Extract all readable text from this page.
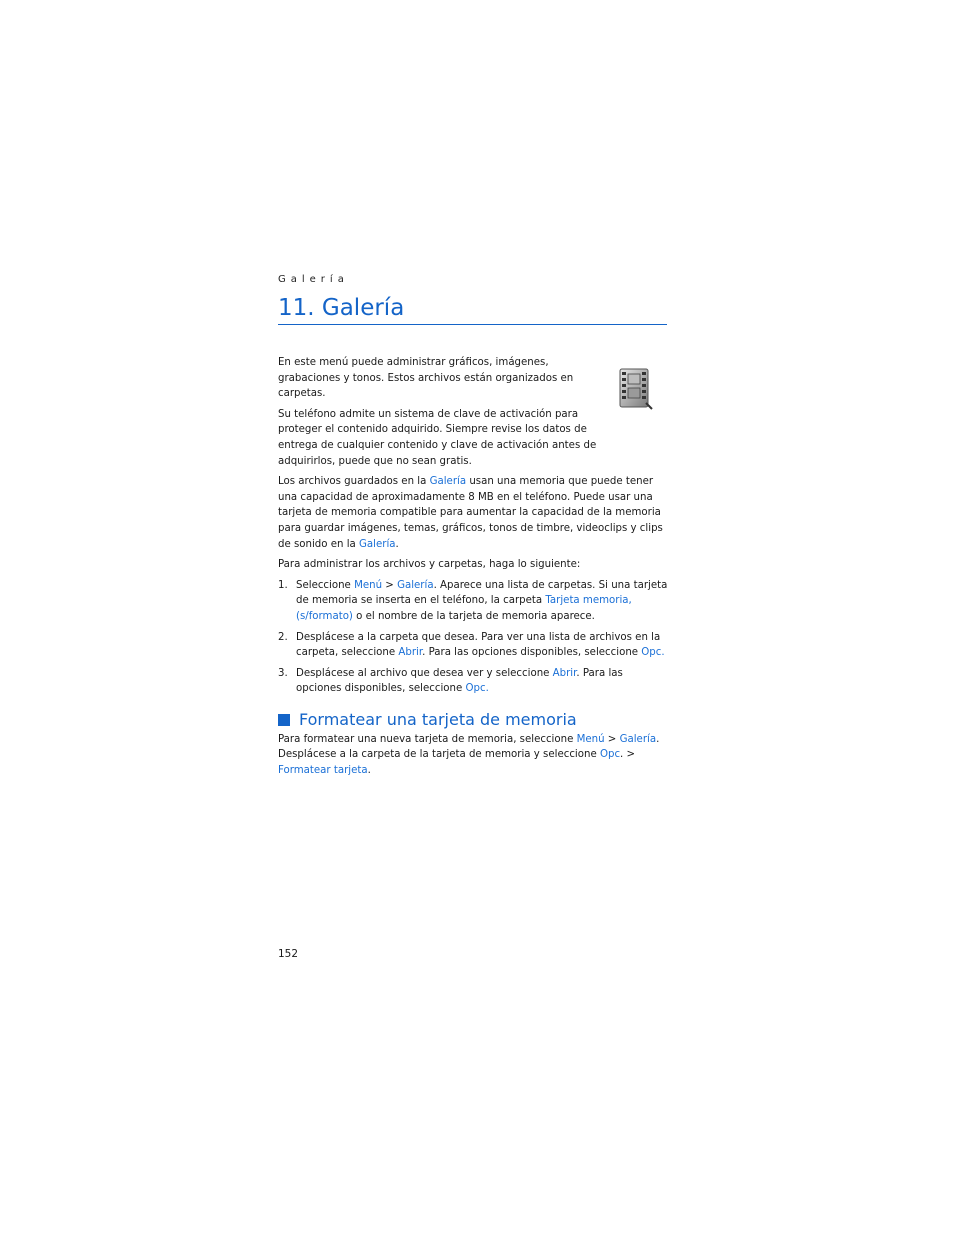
Galería
11. Galería

En este menú puede administrar gráficos, imágenes, grabaciones y tonos. Estos archivos están organizados en carpetas.

Su teléfono admite un sistema de clave de activación para proteger el contenido adquirido. Siempre revise los datos de entrega de cualquier contenido y clave de activación antes de adquirirlos, puede que no sean gratis.

Los archivos guardados en la Galería usan una memoria que puede tener una capacidad de aproximadamente 8 MB en el teléfono. Puede usar una tarjeta de memoria compatible para aumentar la capacidad de la memoria para guardar imágenes, temas, gráficos, tonos de timbre, videoclips y clips de sonido en la Galería.

Para administrar los archivos y carpetas, haga lo siguiente:

1. Seleccione Menú > Galería. Aparece una lista de carpetas. Si una tarjeta de memoria se inserta en el teléfono, la carpeta Tarjeta memoria, (s/formato) o el nombre de la tarjeta de memoria aparece.
2. Desplácese a la carpeta que desea. Para ver una lista de archivos en la carpeta, seleccione Abrir. Para las opciones disponibles, seleccione Opc.
3. Desplácese al archivo que desea ver y seleccione Abrir. Para las opciones disponibles, seleccione Opc.
Formatear una tarjeta de memoria

Para formatear una nueva tarjeta de memoria, seleccione Menú > Galería. Desplácese a la carpeta de la tarjeta de memoria y seleccione Opc. > Formatear tarjeta.

152
